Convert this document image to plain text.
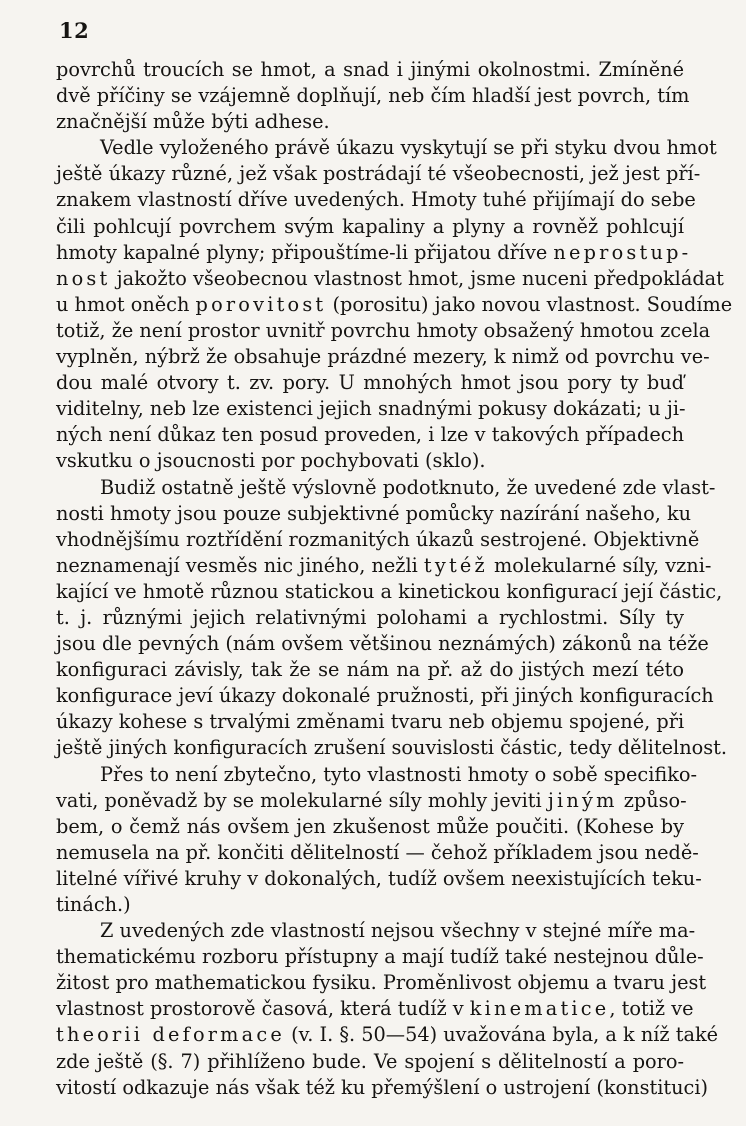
12
povrchů troucích se hmot, a snad i jinými okolnostmi. Zmíněné
dvě příčiny se vzájemně doplňují, neb čím hladší jest povrch, tím
značnější může býti adhese.
Vedle vyloženého právě úkazu vyskytují se při styku dvou hmot
ještě úkazy různé, jež však postrádají té všeobecnosti, jež jest pří-
znakem vlastností dříve uvedených. Hmoty tuhé přijímají do sebe
čili pohlcují povrchem svým kapaliny a plyny a rovněž pohlcují
hmoty kapalné plyny; připouštíme-li přijatou dříve neprostup-
nost jakožto všeobecnou vlastnost hmot, jsme nuceni předpokládat
u hmot oněch porovitost (porositu) jako novou vlastnost. Soudíme
totiž, že není prostor uvnitř povrchu hmoty obsažený hmotou zcela
vyplněn, nýbrž že obsahuje prázdné mezery, k nimž od povrchu ve-
dou malé otvory t. zv. pory. U mnohých hmot jsou pory ty buď
viditelny, neb lze existenci jejich snadnými pokusy dokázati; u ji-
ných není důkaz ten posud proveden, i lze v takových případech
vskutku o jsoucnosti por pochybovati (sklo).
Budiž ostatně ještě výslovně podotknuto, že uvedené zde vlast-
nosti hmoty jsou pouze subjektivné pomůcky nazírání našeho, ku
vhodnějšímu roztřídění rozmanitých úkazů sestrojené. Objektivně
neznamenají vesměs nic jiného, nežli tytéž molekularné síly, vzni-
kající ve hmotě různou statickou a kinetickou konfigurací její částic,
t. j. různými jejich relativnými polohami a rychlostmi. Síly ty
jsou dle pevných (nám ovšem většinou neznámých) zákonů na téže
konfiguraci závisly, tak že se nám na př. až do jistých mezí této
konfigurace jeví úkazy dokonalé pružnosti, při jiných konfiguracích
úkazy kohese s trvalými změnami tvaru neb objemu spojené, při
ještě jiných konfiguracích zrušení souvislosti částic, tedy dělitelnost.
Přes to není zbytečno, tyto vlastnosti hmoty o sobě specifiko-
vati, poněvadž by se molekularné síly mohly jeviti jiným způso-
bem, o čemž nás ovšem jen zkušenost může poučiti. (Kohese by
nemusela na př. končiti dělitelností — čehož příkladem jsou nedě-
litelné vířivé kruhy v dokonalých, tudíž ovšem neexistujících teku-
tinách.)
Z uvedených zde vlastností nejsou všechny v stejné míře ma-
thematickému rozboru přístupny a mají tudíž také nestejnou důle-
žitost pro mathematickou fysiku. Proměnlivost objemu a tvaru jest
vlastnost prostorově časová, která tudíž v kinematice, totiž ve
theorii deformace (v. I. §. 50—54) uvažována byla, a k níž také
zde ještě (§. 7) přihlíženo bude. Ve spojení s dělitelností a poro-
vitostí odkazuje nás však též ku přemýšlení o ustrojení (konstituci)
